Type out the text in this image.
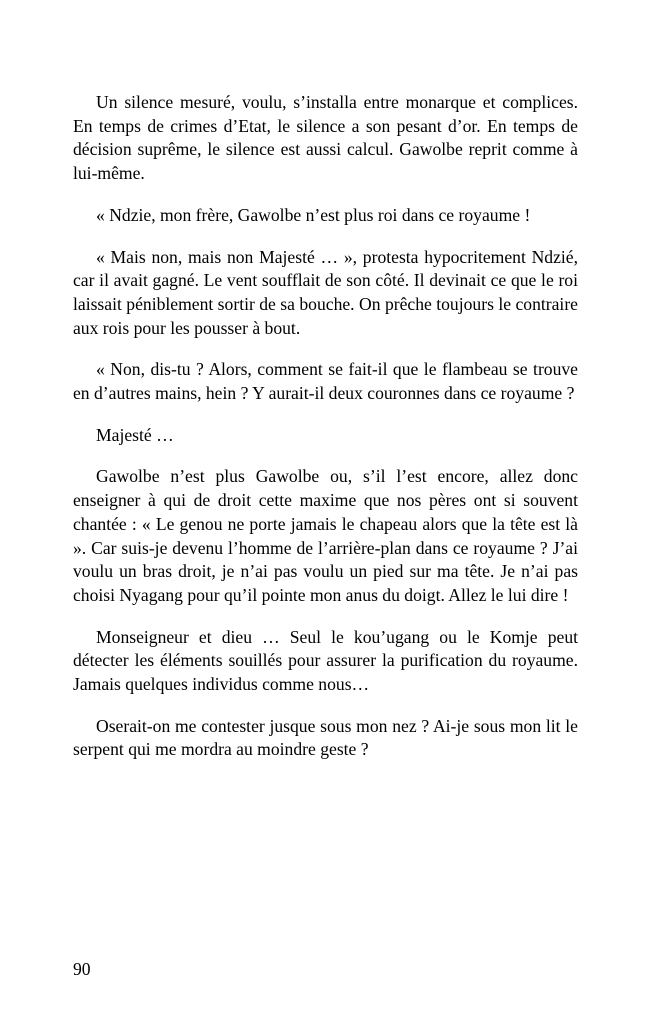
Un silence mesuré, voulu, s’installa entre monarque et complices. En temps de crimes d’Etat, le silence a son pesant d’or. En temps de décision suprême, le silence est aussi calcul. Gawolbe reprit comme à lui-même.

« Ndzie, mon frère, Gawolbe n’est plus roi dans ce royaume !

« Mais non, mais non Majesté … », protesta hypocritement Ndzié, car il avait gagné. Le vent soufflait de son côté. Il devinait ce que le roi laissait péniblement sortir de sa bouche. On prêche toujours le contraire aux rois pour les pousser à bout.

« Non, dis-tu ? Alors, comment se fait-il que le flambeau se trouve en d’autres mains, hein ? Y aurait-il deux couronnes dans ce royaume ?

Majesté …

Gawolbe n’est plus Gawolbe ou, s’il l’est encore, allez donc enseigner à qui de droit cette maxime que nos pères ont si souvent chantée : « Le genou ne porte jamais le chapeau alors que la tête est là ». Car suis-je devenu l’homme de l’arrière-plan dans ce royaume ? J’ai voulu un bras droit, je n’ai pas voulu un pied sur ma tête. Je n’ai pas choisi Nyagang pour qu’il pointe mon anus du doigt. Allez le lui dire !

Monseigneur et dieu … Seul le kou’ugang ou le Komje peut détecter les éléments souillés pour assurer la purification du royaume. Jamais quelques individus comme nous…

Oserait-on me contester jusque sous mon nez ? Ai-je sous mon lit le serpent qui me mordra au moindre geste ?

90
